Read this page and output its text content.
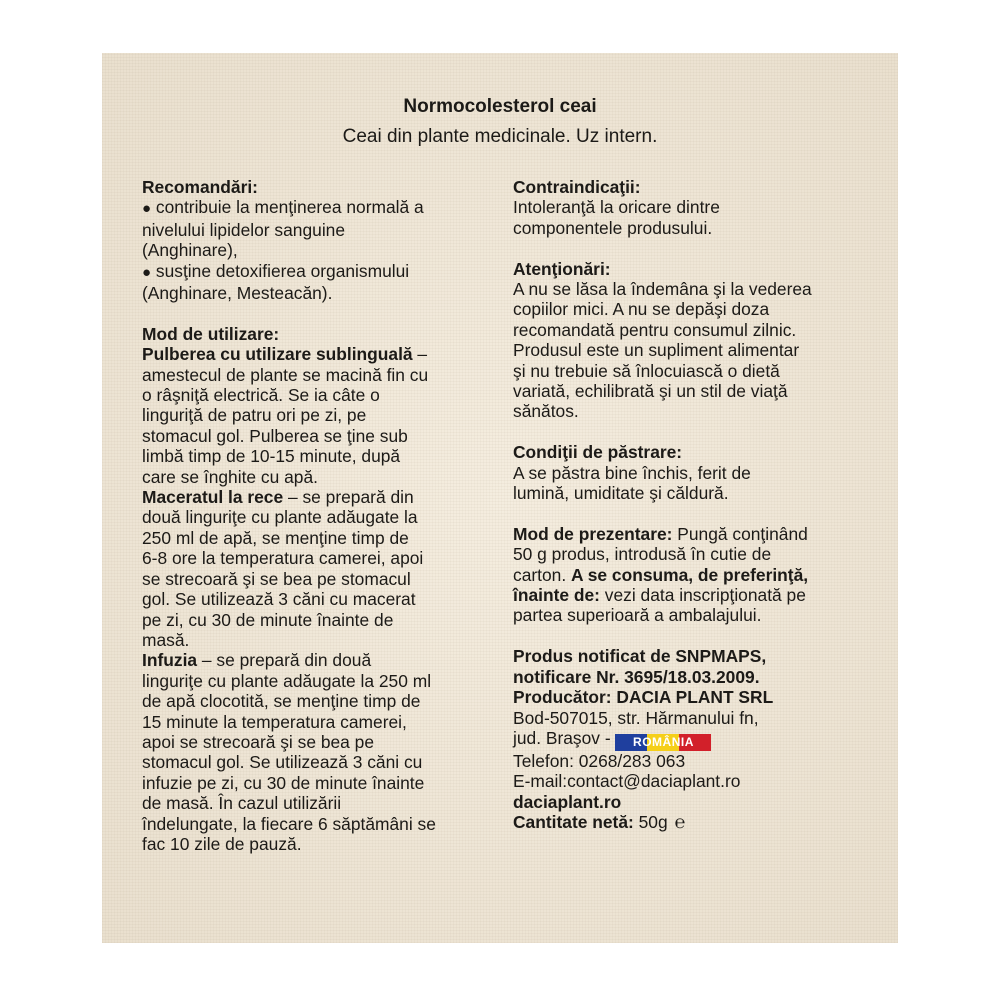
Normocolesterol ceai
Ceai din plante medicinale. Uz intern.
Recomandări:
● contribuie la menţinerea normală a
nivelului lipidelor sanguine
(Anghinare),
● susţine detoxifierea organismului
(Anghinare, Mesteacăn).
Mod de utilizare:
Pulberea cu utilizare sublinguală –
amestecul de plante se macină fin cu
o râşniţă electrică. Se ia câte o
linguriţă de patru ori pe zi, pe
stomacul gol. Pulberea se ţine sub
limbă timp de 10-15 minute, după
care se înghite cu apă.
Maceratul la rece – se prepară din
două linguriţe cu plante adăugate la
250 ml de apă, se menţine timp de
6-8 ore la temperatura camerei, apoi
se strecoară şi se bea pe stomacul
gol. Se utilizează 3 căni cu macerat
pe zi, cu 30 de minute înainte de
masă.
Infuzia – se prepară din două
linguriţe cu plante adăugate la 250 ml
de apă clocotită, se menţine timp de
15 minute la temperatura camerei,
apoi se strecoară şi se bea pe
stomacul gol. Se utilizează 3 căni cu
infuzie pe zi, cu 30 de minute înainte
de masă. În cazul utilizării
îndelungate, la fiecare 6 săptămâni se
fac 10 zile de pauză.
Contraindicaţii:
Intoleranţă la oricare dintre
componentele produsului.
Atenţionări:
A nu se lăsa la îndemâna şi la vederea
copiilor mici. A nu se depăşi doza
recomandată pentru consumul zilnic.
Produsul este un supliment alimentar
şi nu trebuie să înlocuiască o dietă
variată, echilibrată şi un stil de viaţă
sănătos.
Condiţii de păstrare:
A se păstra bine închis, ferit de
lumină, umiditate şi căldură.
Mod de prezentare: Pungă conţinând
50 g produs, introdusă în cutie de
carton. A se consuma, de preferinţă,
înainte de: vezi data inscripţionată pe
partea superioară a ambalajului.
Produs notificat de SNPMAPS,
notificare Nr. 3695/18.03.2009.
Producător: DACIA PLANT SRL
Bod-507015, str. Hărmanului fn,
jud. Braşov - ROMÂNIA
Telefon: 0268/283 063
E-mail:contact@daciaplant.ro
daciaplant.ro
Cantitate netă: 50g ℮
